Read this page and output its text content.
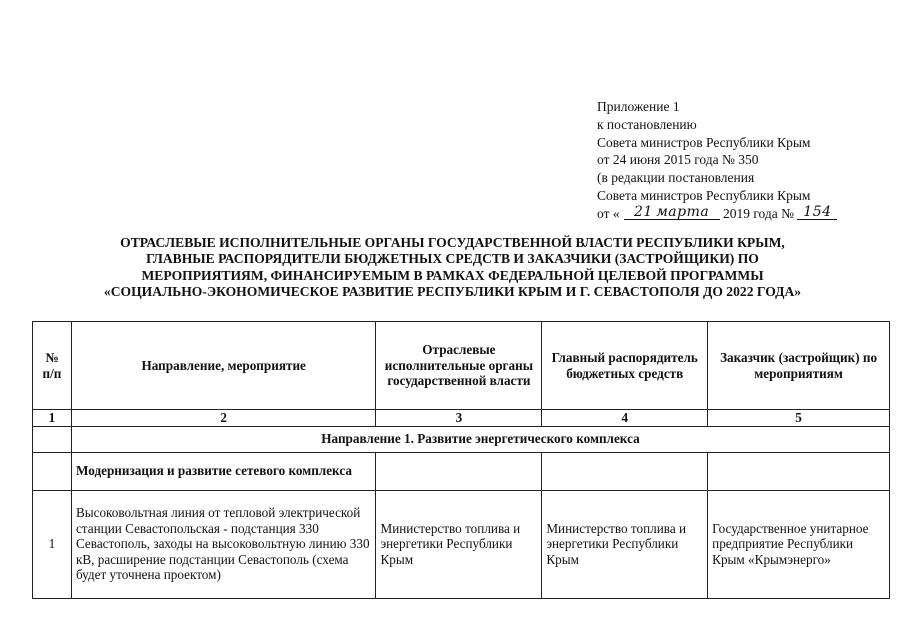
Приложение 1
к постановлению
Совета министров Республики Крым
от 24 июня 2015 года № 350
(в редакции постановления
Совета министров Республики Крым
от « 21 марта 2019 года № 154
ОТРАСЛЕВЫЕ ИСПОЛНИТЕЛЬНЫЕ ОРГАНЫ ГОСУДАРСТВЕННОЙ ВЛАСТИ РЕСПУБЛИКИ КРЫМ,
ГЛАВНЫЕ РАСПОРЯДИТЕЛИ БЮДЖЕТНЫХ СРЕДСТВ И ЗАКАЗЧИКИ (ЗАСТРОЙЩИКИ) ПО
МЕРОПРИЯТИЯМ, ФИНАНСИРУЕМЫМ В РАМКАХ ФЕДЕРАЛЬНОЙ ЦЕЛЕВОЙ ПРОГРАММЫ
«СОЦИАЛЬНО-ЭКОНОМИЧЕСКОЕ РАЗВИТИЕ РЕСПУБЛИКИ КРЫМ И Г. СЕВАСТОПОЛЯ ДО 2022 ГОДА»
№
п/п	Направление, мероприятие	Отраслевые исполнительные органы государственной власти	Главный распорядитель бюджетных средств	Заказчик (застройщик) по мероприятиям
1	2	3	4	5
	Направление 1. Развитие энергетического комплекса			
	Модернизация и развитие сетевого комплекса			
1	Высоковольтная линия от тепловой электрической станции Севастопольская - подстанция 330 Севастополь, заходы на высоковольтную линию 330 кВ, расширение подстанции Севастополь (схема будет уточнена проектом)	Министерство топлива и энергетики Республики Крым	Министерство топлива и энергетики Республики Крым	Государственное унитарное предприятие Республики Крым «Крымэнерго»
